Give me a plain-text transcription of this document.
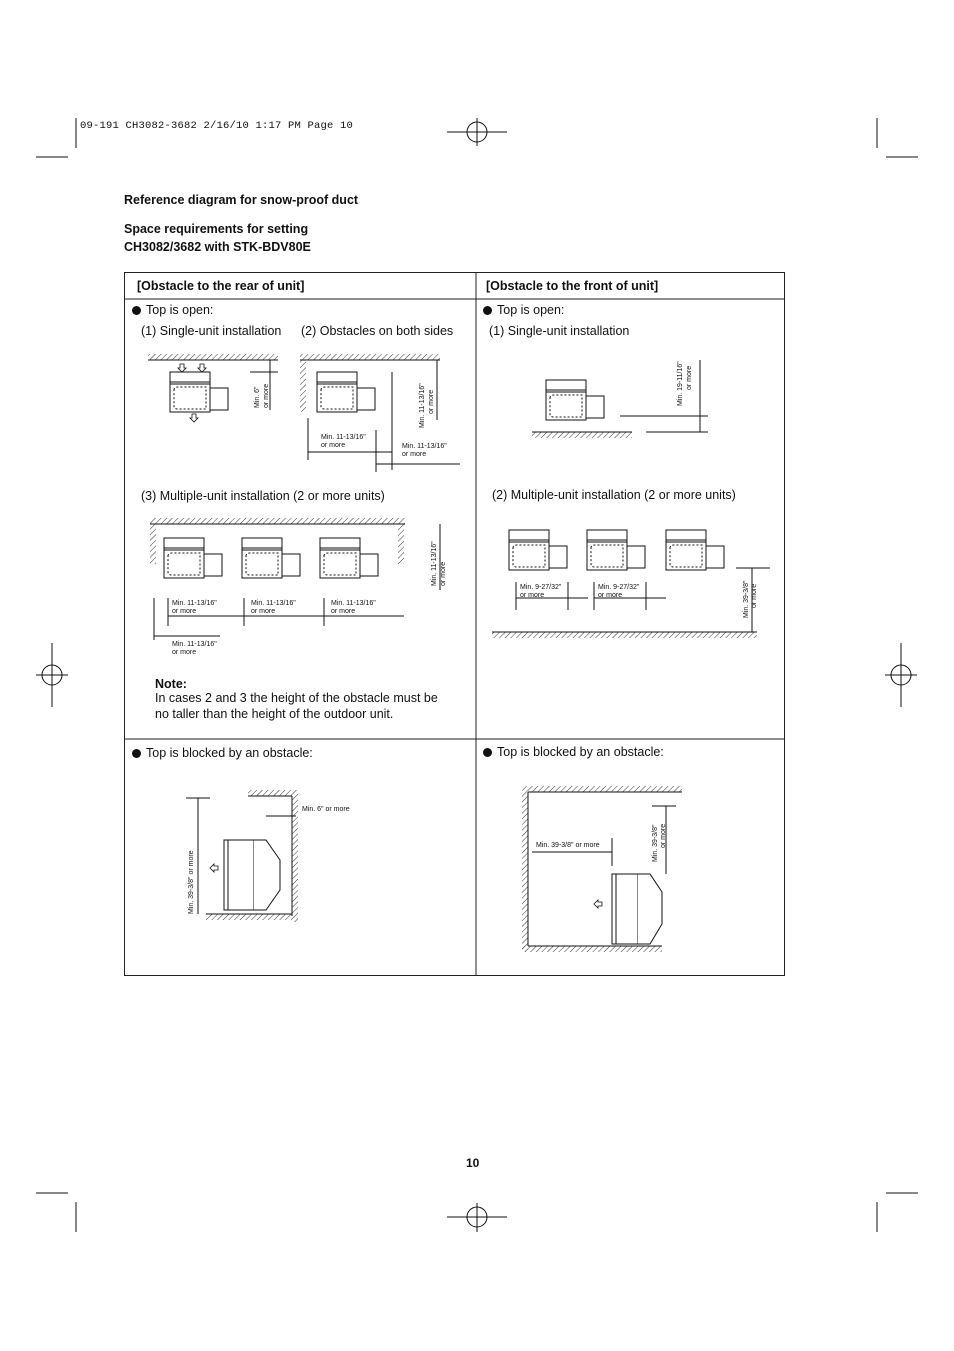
09-191 CH3082-3682 2/16/10 1:17 PM Page 10
Reference diagram for snow-proof duct
Space requirements for setting
CH3082/3682 with STK-BDV80E
[Obstacle to the rear of unit]
Top is open:
(1) Single-unit installation (2) Obstacles on both sides
(3) Multiple-unit installation (2 or more units)
Note:
In cases 2 and 3 the height of the obstacle must be
no taller than the height of the outdoor unit.
Top is blocked by an obstacle:
Min. 6" or more	Min. 11-13/16" or more
Min. 11-13/16"
or more	Min. 11-13/16"
or more
Min. 11-13/16"
or more
Min. 11-13/16"
or more
Min. 11-13/16"
or more
Min. 11-13/16"
or more
Min. 11-13/16" or more
Min. 6" or more
Min. 39-3/8" or more
[Obstacle to the front of unit]
Top is open:
(1) Single-unit installation
(2) Multiple-unit installation (2 or more units)
Top is blocked by an obstacle:
Min. 19-11/16" or more
Min. 9-27/32"
or more
Min. 9-27/32"
or more	Min. 39-3/8" or more
Min. 39-3/8" or more	Min. 39-3/8" or more
10
